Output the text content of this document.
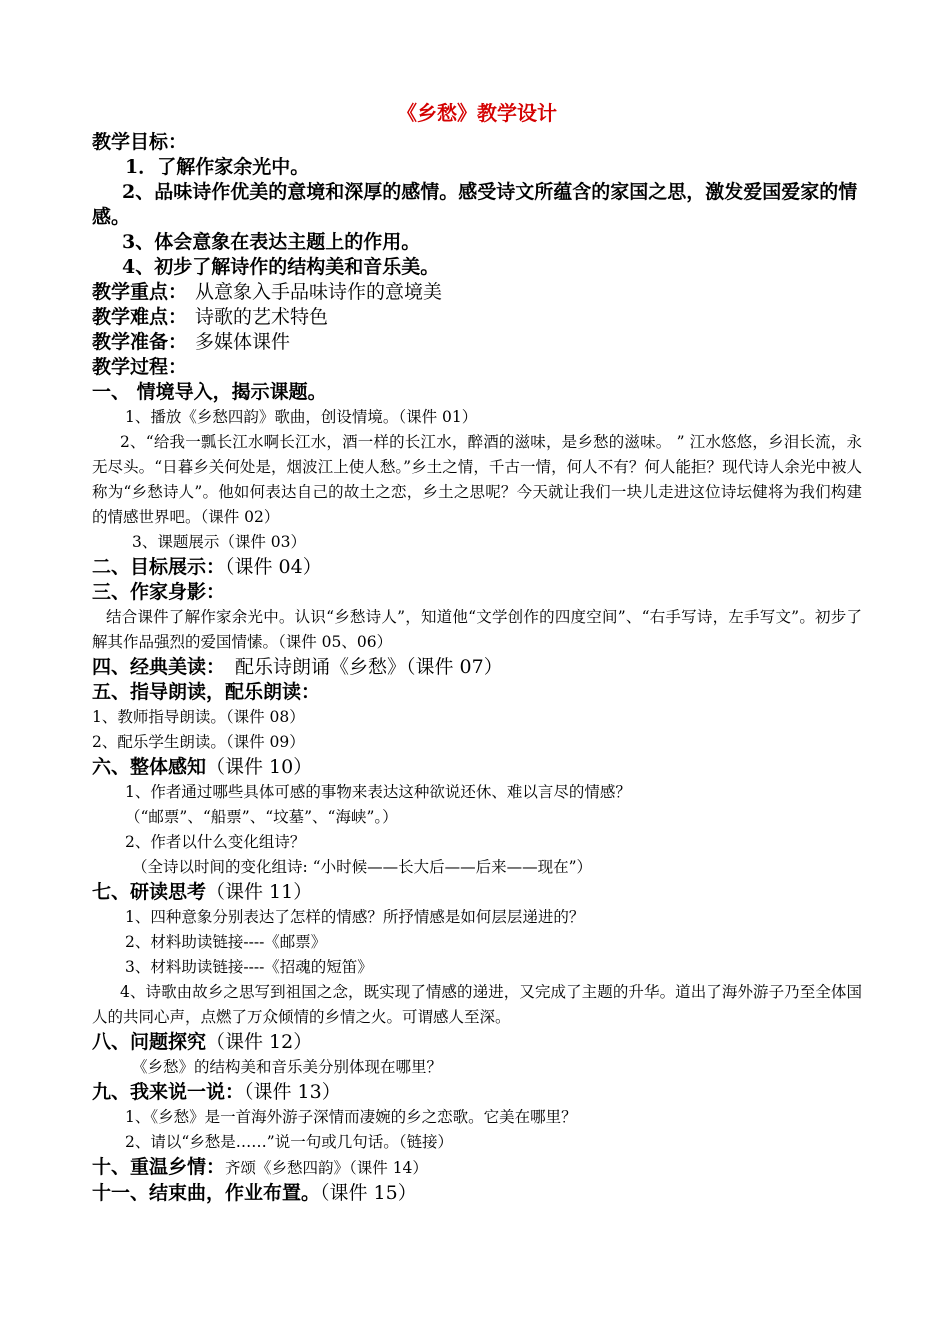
《乡愁》教学设计

教学目标：

1．了解作家余光中。

2、品味诗作优美的意境和深厚的感情。感受诗文所蕴含的家国之思，激发爱国爱家的情感。

3、体会意象在表达主题上的作用。

4、初步了解诗作的结构美和音乐美。

教学重点： 从意象入手品味诗作的意境美

教学难点： 诗歌的艺术特色

教学准备： 多媒体课件

教学过程：

一、 情境导入，揭示课题。

1、播放《乡愁四韵》歌曲，创设情境。（课件 01）

2、“给我一瓢长江水啊长江水，酒一样的长江水，醉酒的滋味，是乡愁的滋味。 ” 江水悠悠，乡泪长流，永无尽头。“日暮乡关何处是，烟波江上使人愁。”乡土之情，千古一情，何人不有？何人能拒？现代诗人余光中被人称为“乡愁诗人”。他如何表达自己的故土之恋，乡土之思呢？今天就让我们一块儿走进这位诗坛健将为我们构建的情感世界吧。（课件 02）

3、课题展示（课件 03）

二、目标展示：（课件 04）

三、作家身影：

结合课件了解作家余光中。认识“乡愁诗人”，知道他“文学创作的四度空间”、“右手写诗，左手写文”。初步了解其作品强烈的爱国情愫。（课件 05、06）

四、经典美读： 配乐诗朗诵《乡愁》（课件 07）

五、指导朗读，配乐朗读：

1、教师指导朗读。（课件 08）

2、配乐学生朗读。（课件 09）

六、整体感知（课件 10）

1、作者通过哪些具体可感的事物来表达这种欲说还休、难以言尽的情感？

（“邮票”、“船票”、“坟墓”、“海峡”。）

2、作者以什么变化组诗？

（全诗以时间的变化组诗: “小时候——长大后——后来——现在”）

七、研读思考（课件 11）

1、四种意象分别表达了怎样的情感？所抒情感是如何层层递进的？

2、材料助读链接----《邮票》

3、材料助读链接----《招魂的短笛》

4、诗歌由故乡之思写到祖国之念，既实现了情感的递进，又完成了主题的升华。道出了海外游子乃至全体国人的共同心声，点燃了万众倾情的乡情之火。可谓感人至深。

八、问题探究（课件 12）

《乡愁》的结构美和音乐美分别体现在哪里？

九、我来说一说：（课件 13）

1、《乡愁》是一首海外游子深情而凄婉的乡之恋歌。它美在哪里？

2、请以“乡愁是……”说一句或几句话。（链接）

十、重温乡情：齐颂《乡愁四韵》（课件 14）

十一、结束曲，作业布置。（课件 15）
